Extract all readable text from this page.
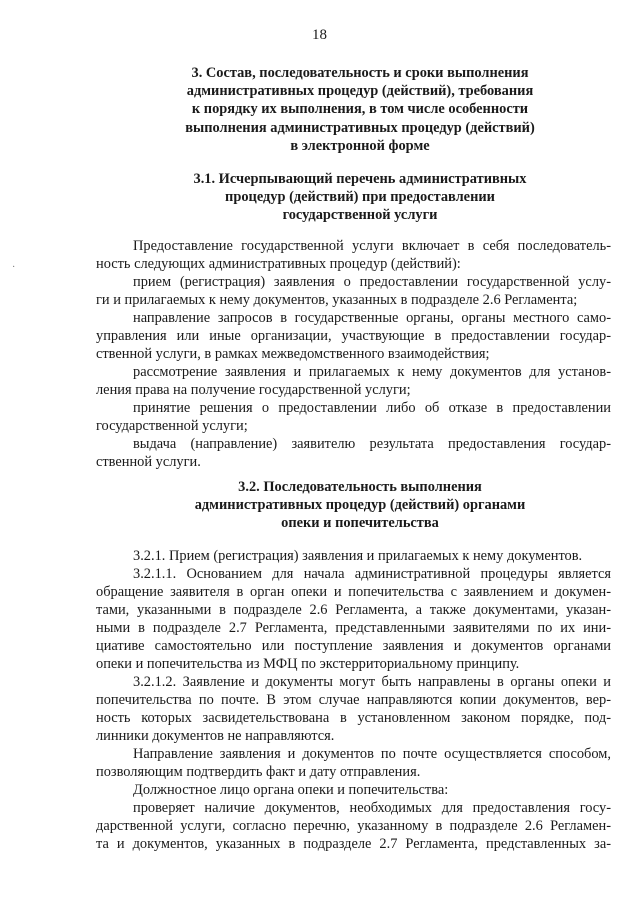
18
·
3. Состав, последовательность и сроки выполнения
административных процедур (действий), требования
к порядку их выполнения, в том числе особенности
выполнения административных процедур (действий)
в электронной форме
3.1. Исчерпывающий перечень административных
процедур (действий) при предоставлении
государственной услуги
Предоставление государственной услуги включает в себя последователь-
ность следующих административных процедур (действий):
прием (регистрация) заявления о предоставлении государственной услу-
ги и прилагаемых к нему документов, указанных в подразделе 2.6 Регламента;
направление запросов в государственные органы, органы местного само-
управления или иные организации, участвующие в предоставлении государ-
ственной услуги, в рамках межведомственного взаимодействия;
рассмотрение заявления и прилагаемых к нему документов для установ-
ления права на получение государственной услуги;
принятие решения о предоставлении либо об отказе в предоставлении
государственной услуги;
выдача (направление) заявителю результата предоставления государ-
ственной услуги.
3.2. Последовательность выполнения
административных процедур (действий) органами
опеки и попечительства
3.2.1. Прием (регистрация) заявления и прилагаемых к нему документов.
3.2.1.1. Основанием для начала административной процедуры является
обращение заявителя в орган опеки и попечительства с заявлением и докумен-
тами, указанными в подразделе 2.6 Регламента, а также документами, указан-
ными в подразделе 2.7 Регламента, представленными заявителями по их ини-
циативе самостоятельно или поступление заявления и документов органами
опеки и попечительства из МФЦ по экстерриториальному принципу.
3.2.1.2. Заявление и документы могут быть направлены в органы опеки и
попечительства по почте. В этом случае направляются копии документов, вер-
ность которых засвидетельствована в установленном законом порядке, под-
линники документов не направляются.
Направление заявления и документов по почте осуществляется способом,
позволяющим подтвердить факт и дату отправления.
Должностное лицо органа опеки и попечительства:
проверяет наличие документов, необходимых для предоставления госу-
дарственной услуги, согласно перечню, указанному в подразделе 2.6 Регламен-
та и документов, указанных в подразделе 2.7 Регламента, представленных за-
